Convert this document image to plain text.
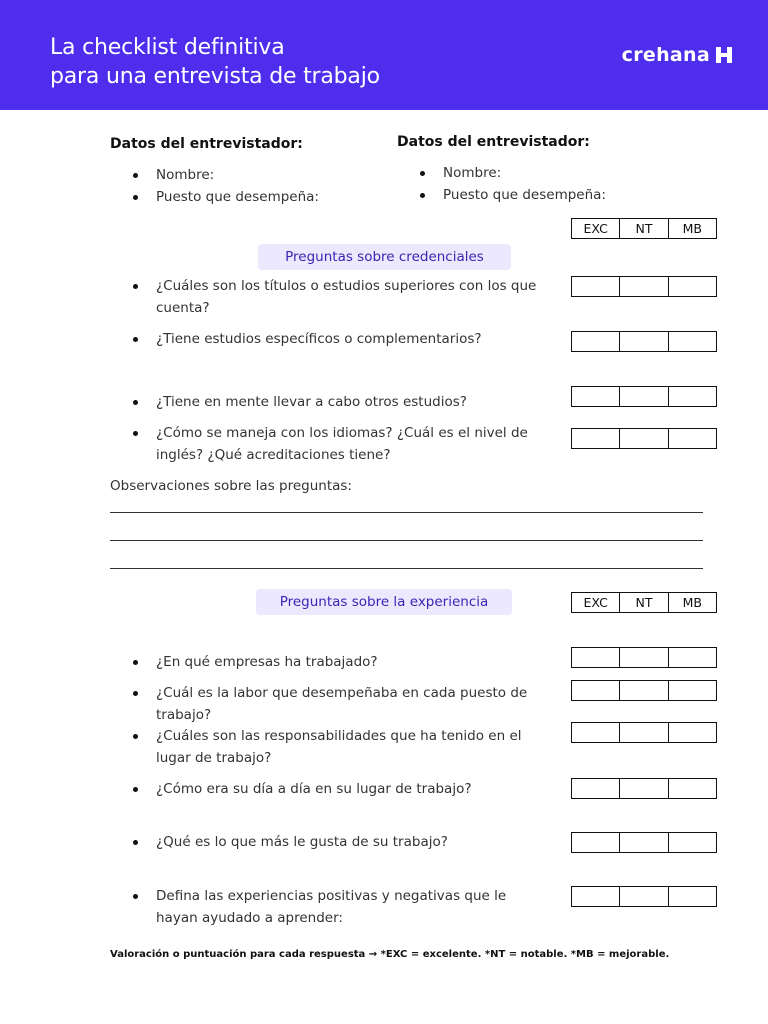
La checklist definitiva
para una entrevista de trabajo
crehana
Datos del entrevistador:
Nombre:
Puesto que desempeña:
Datos del entrevistador:
Nombre:
Puesto que desempeña:
EXC	NT	MB
Preguntas sobre credenciales
¿Cuáles son los títulos o estudios superiores con los que cuenta?
¿Tiene estudios específicos o complementarios?
¿Tiene en mente llevar a cabo otros estudios?
¿Cómo se maneja con los idiomas? ¿Cuál es el nivel de inglés? ¿Qué acreditaciones tiene?
Observaciones sobre las preguntas:
Preguntas sobre la experiencia	EXC	NT	MB
¿En qué empresas ha trabajado?
¿Cuál es la labor que desempeñaba en cada puesto de trabajo?
¿Cuáles son las responsabilidades que ha tenido en el lugar de trabajo?
¿Cómo era su día a día en su lugar de trabajo?
¿Qué es lo que más le gusta de su trabajo?
Defina las experiencias positivas y negativas que le hayan ayudado a aprender:
Valoración o puntuación para cada respuesta → *EXC = excelente. *NT = notable. *MB = mejorable.
